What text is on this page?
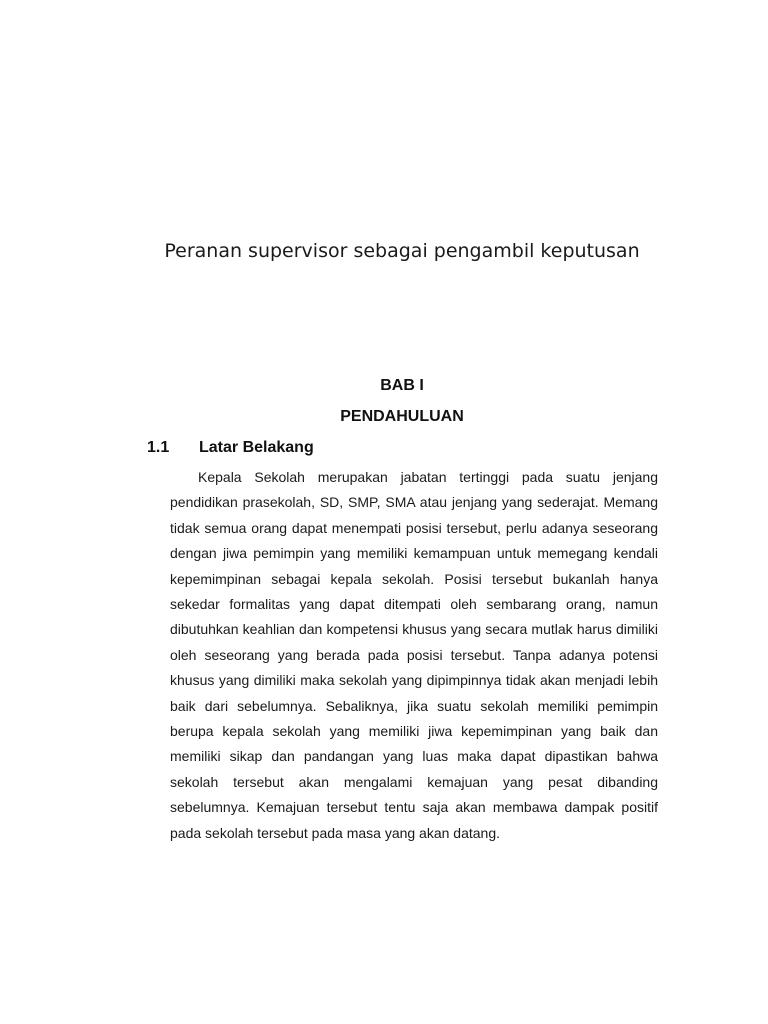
Peranan supervisor sebagai pengambil keputusan
BAB I
PENDAHULUAN
1.1	Latar Belakang

Kepala Sekolah merupakan jabatan tertinggi pada suatu jenjang pendidikan prasekolah, SD, SMP, SMA atau jenjang yang sederajat. Memang tidak semua orang dapat menempati posisi tersebut, perlu adanya seseorang dengan jiwa pemimpin yang memiliki kemampuan untuk memegang kendali kepemimpinan sebagai kepala sekolah. Posisi tersebut bukanlah hanya sekedar formalitas yang dapat ditempati oleh sembarang orang, namun dibutuhkan keahlian dan kompetensi khusus yang secara mutlak harus dimiliki oleh seseorang yang berada pada posisi tersebut. Tanpa adanya potensi khusus yang dimiliki maka sekolah yang dipimpinnya tidak akan menjadi lebih baik dari sebelumnya. Sebaliknya, jika suatu sekolah memiliki pemimpin berupa kepala sekolah yang memiliki jiwa kepemimpinan yang baik dan memiliki sikap dan pandangan yang luas maka dapat dipastikan bahwa sekolah tersebut akan mengalami kemajuan yang pesat dibanding sebelumnya. Kemajuan tersebut tentu saja akan membawa dampak positif pada sekolah tersebut pada masa yang akan datang.
